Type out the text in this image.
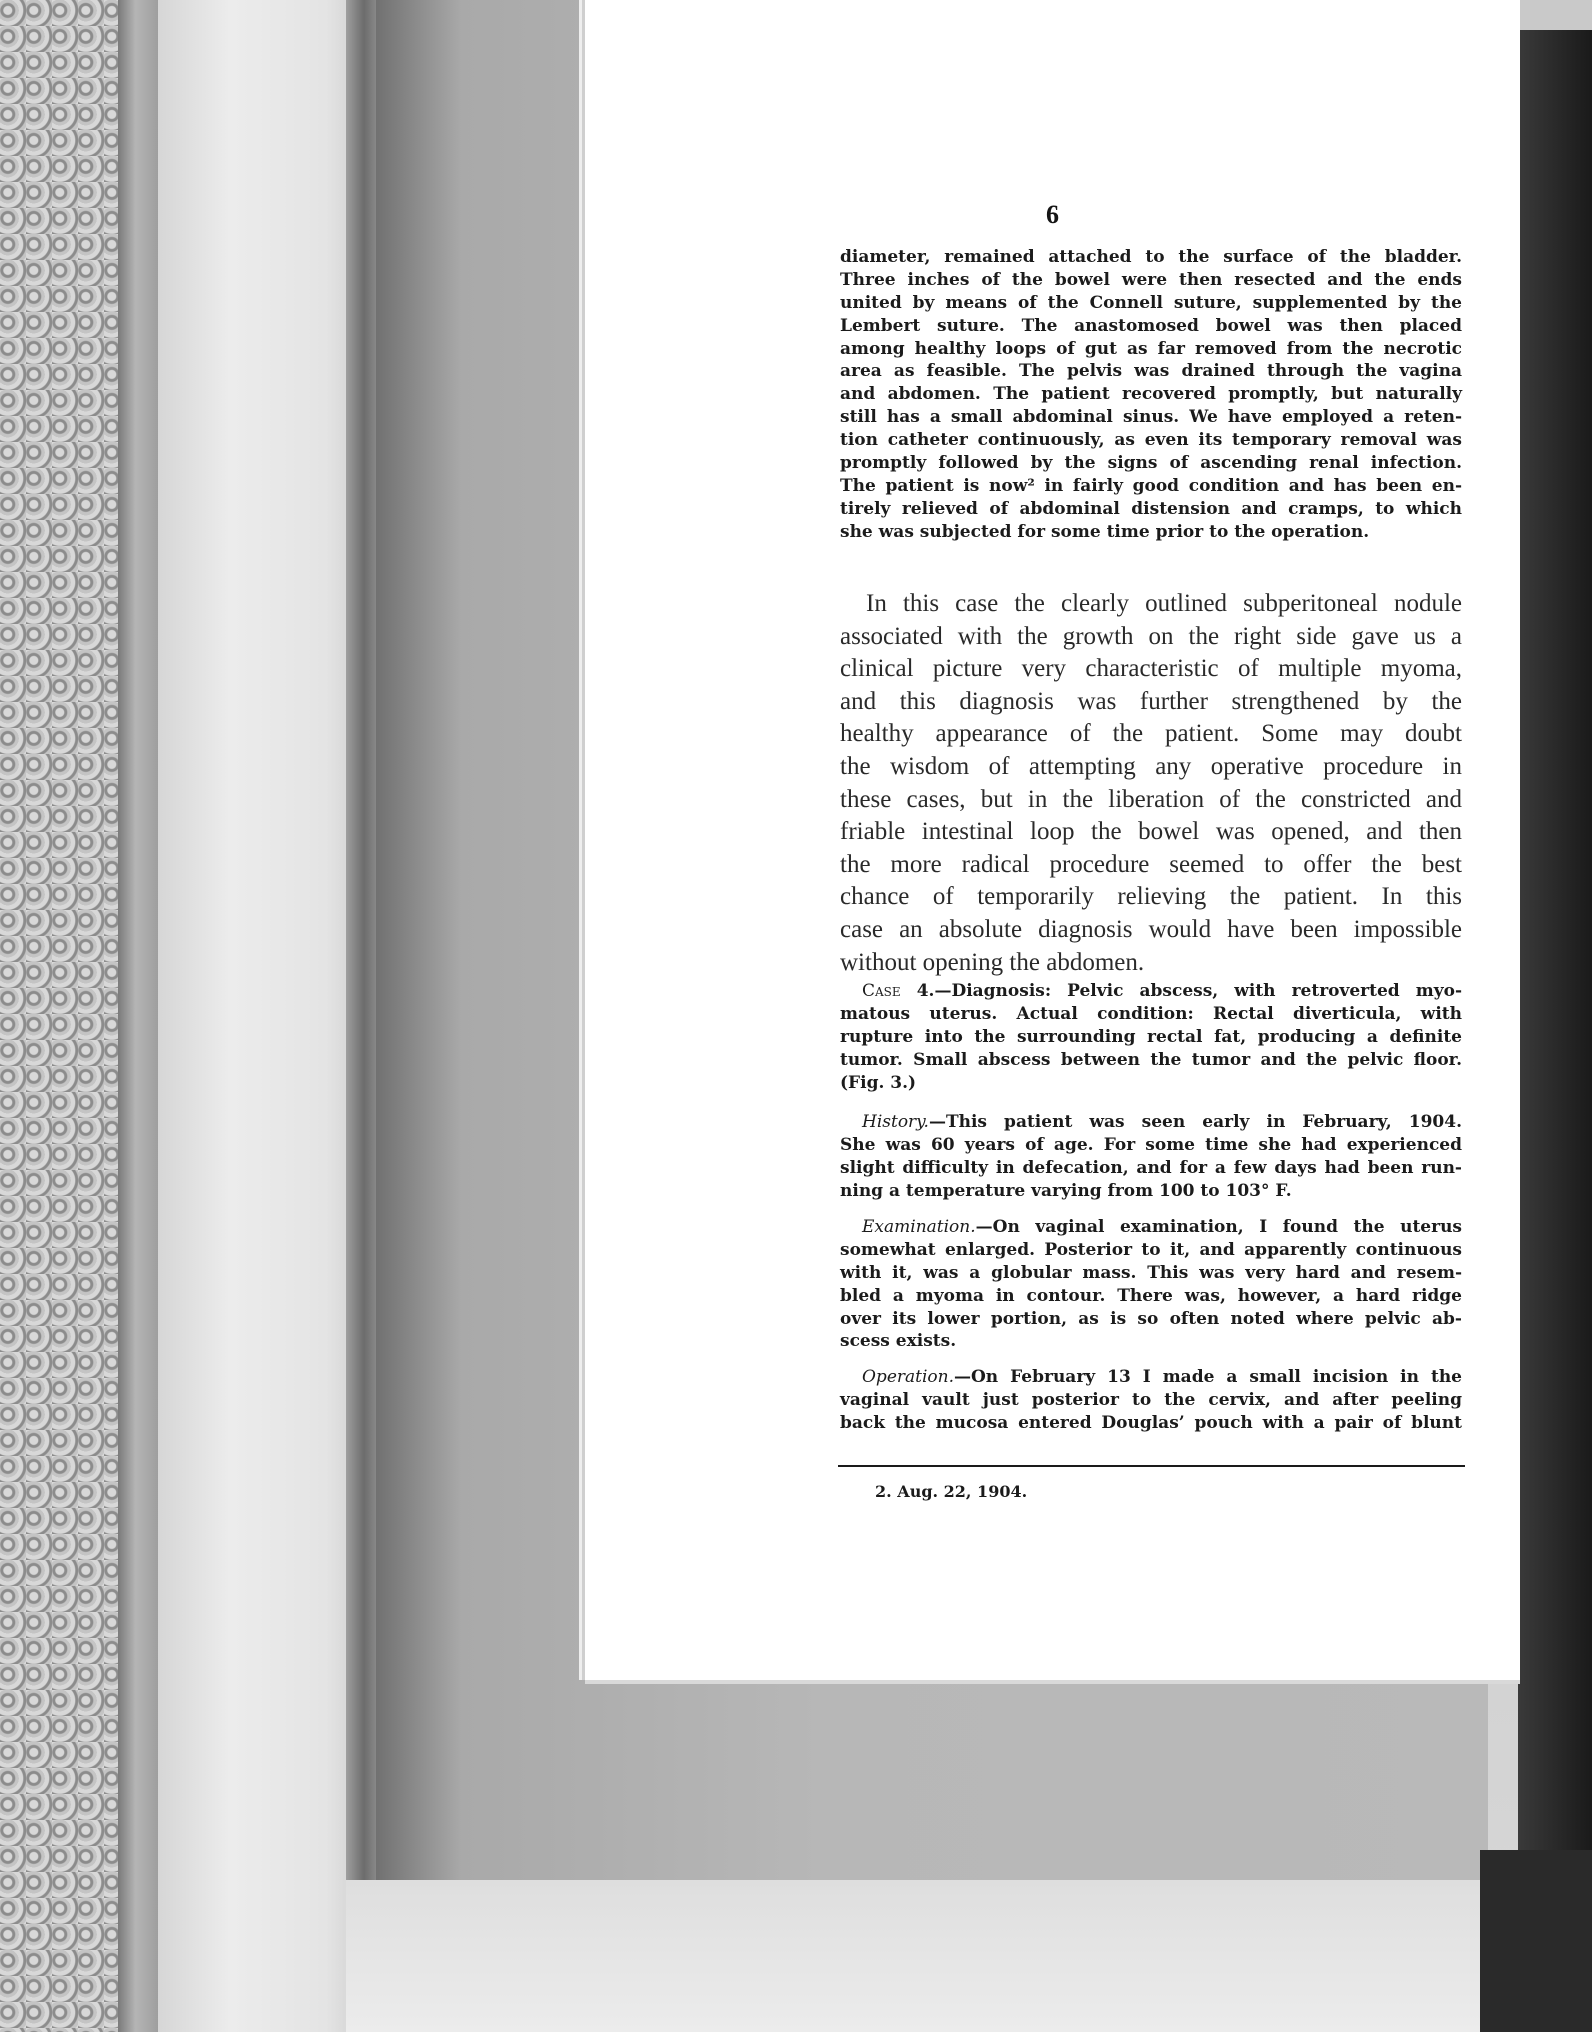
6
diameter, remained attached to the surface of the bladder.
Three inches of the bowel were then resected and the ends
united by means of the Connell suture, supplemented by the
Lembert suture. The anastomosed bowel was then placed
among healthy loops of gut as far removed from the necrotic
area as feasible. The pelvis was drained through the vagina
and abdomen. The patient recovered promptly, but naturally
still has a small abdominal sinus. We have employed a reten-
tion catheter continuously, as even its temporary removal was
promptly followed by the signs of ascending renal infection.
The patient is now² in fairly good condition and has been en-
tirely relieved of abdominal distension and cramps, to which
she was subjected for some time prior to the operation.
In this case the clearly outlined subperitoneal nodule
associated with the growth on the right side gave us a
clinical picture very characteristic of multiple myoma,
and this diagnosis was further strengthened by the
healthy appearance of the patient. Some may doubt
the wisdom of attempting any operative procedure in
these cases, but in the liberation of the constricted and
friable intestinal loop the bowel was opened, and then
the more radical procedure seemed to offer the best
chance of temporarily relieving the patient. In this
case an absolute diagnosis would have been impossible
without opening the abdomen.
Case 4.—Diagnosis: Pelvic abscess, with retroverted myo-
matous uterus. Actual condition: Rectal diverticula, with
rupture into the surrounding rectal fat, producing a definite
tumor. Small abscess between the tumor and the pelvic floor.
(Fig. 3.)
History.—This patient was seen early in February, 1904.
She was 60 years of age. For some time she had experienced
slight difficulty in defecation, and for a few days had been run-
ning a temperature varying from 100 to 103° F.
Examination.—On vaginal examination, I found the uterus
somewhat enlarged. Posterior to it, and apparently continuous
with it, was a globular mass. This was very hard and resem-
bled a myoma in contour. There was, however, a hard ridge
over its lower portion, as is so often noted where pelvic ab-
scess exists.
Operation.—On February 13 I made a small incision in the
vaginal vault just posterior to the cervix, and after peeling
back the mucosa entered Douglas’ pouch with a pair of blunt
2. Aug. 22, 1904.
